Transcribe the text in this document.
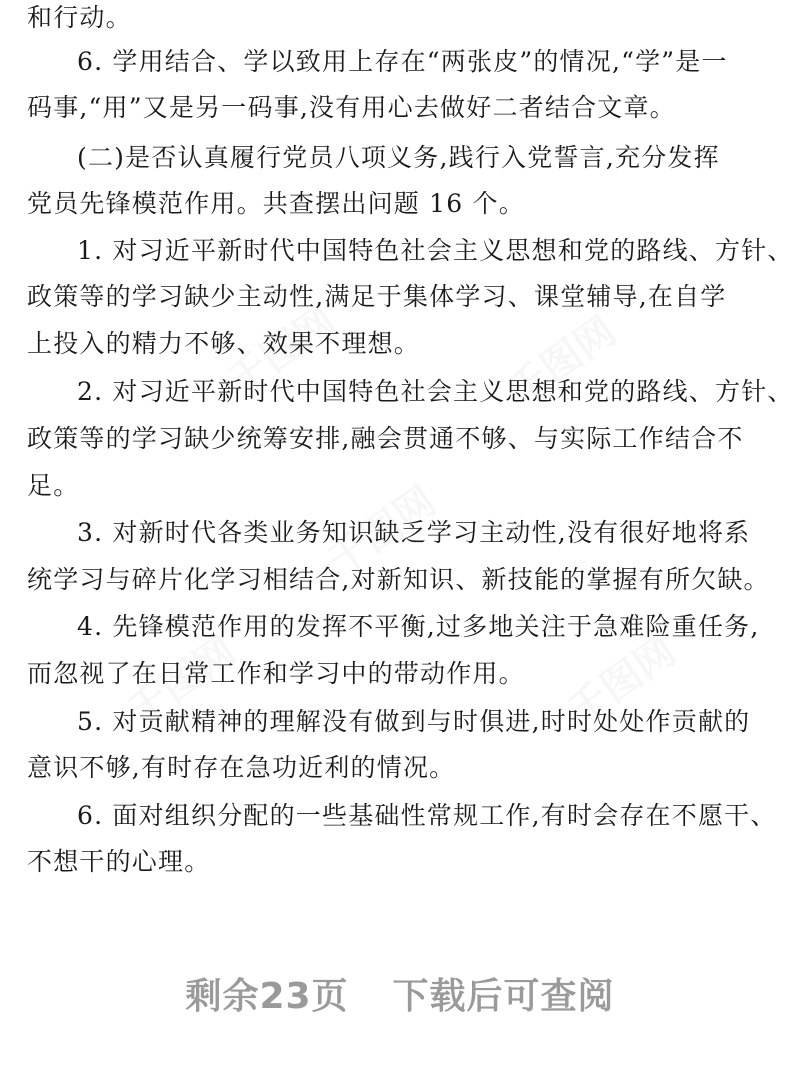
和行动。
6. 学用结合、学以致用上存在“两张皮”的情况,“学”是一
码事,“用”又是另一码事,没有用心去做好二者结合文章。
(二)是否认真履行党员八项义务,践行入党誓言,充分发挥
党员先锋模范作用。共查摆出问题 16 个。
1. 对习近平新时代中国特色社会主义思想和党的路线、方针、
政策等的学习缺少主动性,满足于集体学习、课堂辅导,在自学
上投入的精力不够、效果不理想。
2. 对习近平新时代中国特色社会主义思想和党的路线、方针、
政策等的学习缺少统筹安排,融会贯通不够、与实际工作结合不
足。
3. 对新时代各类业务知识缺乏学习主动性,没有很好地将系
统学习与碎片化学习相结合,对新知识、新技能的掌握有所欠缺。
4. 先锋模范作用的发挥不平衡,过多地关注于急难险重任务,
而忽视了在日常工作和学习中的带动作用。
5. 对贡献精神的理解没有做到与时俱进,时时处处作贡献的
意识不够,有时存在急功近利的情况。
6. 面对组织分配的一些基础性常规工作,有时会存在不愿干、
不想干的心理。
剩余23页 下载后可查阅
